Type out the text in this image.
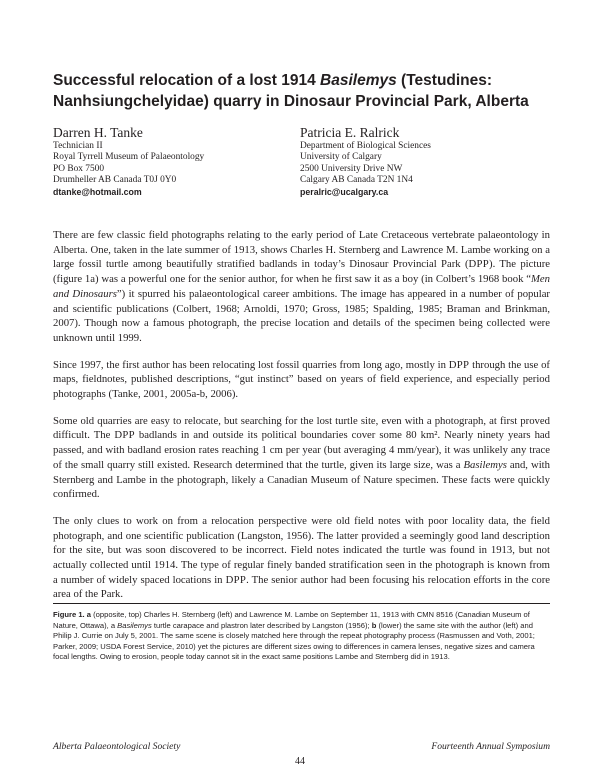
Successful relocation of a lost 1914 Basilemys (Testudines: Nanhsiungchelyidae) quarry in Dinosaur Provincial Park, Alberta
Darren H. Tanke
Technician II
Royal Tyrrell Museum of Palaeontology
PO Box 7500
Drumheller AB Canada T0J 0Y0
dtanke@hotmail.com
Patricia E. Ralrick
Department of Biological Sciences
University of Calgary
2500 University Drive NW
Calgary AB Canada T2N 1N4
peralric@ucalgary.ca

There are few classic field photographs relating to the early period of Late Cretaceous vertebrate palaeontology in Alberta. One, taken in the late summer of 1913, shows Charles H. Sternberg and Lawrence M. Lambe working on a large fossil turtle among beautifully stratified badlands in today’s Dinosaur Provincial Park (DPP). The picture (figure 1a) was a powerful one for the senior author, for when he first saw it as a boy (in Colbert’s 1968 book “Men and Dinosaurs”) it spurred his palaeontological career ambitions. The image has appeared in a number of popular and scientific publications (Colbert, 1968; Arnoldi, 1970; Gross, 1985; Spalding, 1985; Braman and Brinkman, 2007). Though now a famous photograph, the precise location and details of the specimen being collected were unknown until 1999.

Since 1997, the first author has been relocating lost fossil quarries from long ago, mostly in DPP through the use of maps, fieldnotes, published descriptions, “gut instinct” based on years of field experience, and especially period photographs (Tanke, 2001, 2005a-b, 2006).

Some old quarries are easy to relocate, but searching for the lost turtle site, even with a photograph, at first proved difficult. The DPP badlands in and outside its political boundaries cover some 80 km². Nearly ninety years had passed, and with badland erosion rates reaching 1 cm per year (but averaging 4 mm/year), it was unlikely any trace of the small quarry still existed. Research determined that the turtle, given its large size, was a Basilemys and, with Sternberg and Lambe in the photograph, likely a Canadian Museum of Nature specimen. These facts were quickly confirmed.

The only clues to work on from a relocation perspective were old field notes with poor locality data, the field photograph, and one scientific publication (Langston, 1956). The latter provided a seemingly good land description for the site, but was soon discovered to be incorrect. Field notes indicated the turtle was found in 1913, but not actually collected until 1914. The type of regular finely banded stratification seen in the photograph is known from a number of widely spaced locations in DPP. The senior author had been focusing his relocation efforts in the core area of the Park.

Figure 1. a (opposite, top) Charles H. Sternberg (left) and Lawrence M. Lambe on September 11, 1913 with CMN 8516 (Canadian Museum of Nature, Ottawa), a Basilemys turtle carapace and plastron later described by Langston (1956); b (lower) the same site with the author (left) and Philip J. Currie on July 5, 2001. The same scene is closely matched here through the repeat photography process (Rasmussen and Voth, 2001; Parker, 2009; USDA Forest Service, 2010) yet the pictures are different sizes owing to differences in camera lenses, negative sizes and camera focal lengths. Owing to erosion, people today cannot sit in the exact same positions Lambe and Sternberg did in 1913.
Alberta Palaeontological Society	Fourteenth Annual Symposium
44
